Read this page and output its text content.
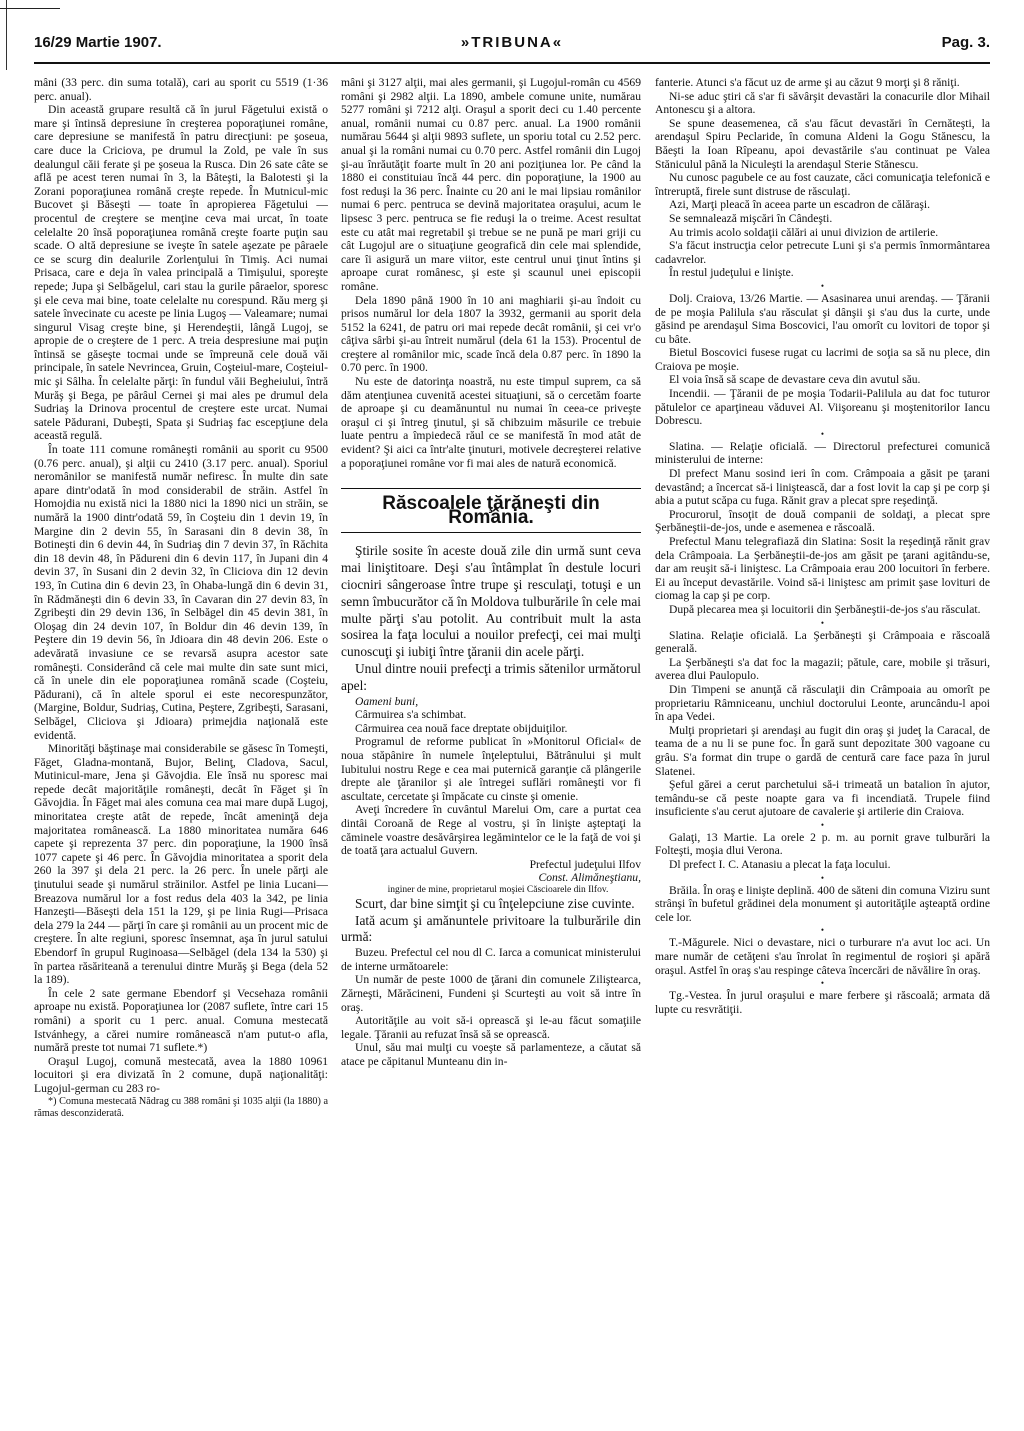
16/29 Martie 1907.	»TRIBUNA«	Pag. 3.

mâni (33 perc. din suma totală), cari au sporit cu 5519 (1·36 perc. anual).

Din această grupare resultă că în jurul Făgetului există o mare şi întinsă depresiune în creşterea poporaţiunei române, care depresiune se manifestă în patru direcţiuni: pe şoseua, care duce la Criciova, pe drumul la Zold, pe vale în sus dealungul căii ferate şi pe şoseua la Rusca. Din 26 sate câte se află pe acest teren numai în 3, la Bâteşti, la Balotesti şi la Zorani poporaţiunea română creşte repede. În Mutnicul-mic Bucovet şi Băseşti — toate în apropierea Făgetului — procentul de creştere se menţine ceva mai urcat, în toate celelalte 20 însă poporaţiunea română creşte foarte puţin sau scade. O altă depresiune se iveşte în satele aşezate pe pâraele ce se scurg din dealurile Zorlenţului în Timiş. Aci numai Prisaca, care e deja în valea principală a Timişului, sporeşte repede; Jupa şi Selbăgelul, cari stau la gurile pâraelor, sporesc şi ele ceva mai bine, toate celelalte nu corespund. Rău merg şi satele învecinate cu aceste pe linia Lugoş — Valeamare; numai singurul Visag creşte bine, şi Herendeştii, lângă Lugoj, se apropie de o creştere de 1 perc. A treia despresiune mai puţin întinsă se găseşte tocmai unde se împreună cele două văi principale, în satele Nevrincea, Gruin, Coşteiul-mare, Coşteiul-mic şi Sâlha. În celelalte părţi: în fundul văii Begheiului, întră Murăş şi Bega, pe pârâul Cernei şi mai ales pe drumul dela Sudriaş la Drinova procentul de creştere este urcat. Numai satele Pădurani, Dubeşti, Spata şi Sudriaş fac escepţiune dela această regulă.

În toate 111 comune româneşti românii au sporit cu 9500 (0.76 perc. anual), şi alţii cu 2410 (3.17 perc. anual). Sporiul neromânilor se manifestă număr nefiresc. În multe din sate apare dintr'odată în mod considerabil de străin. Astfel în Homojdia nu există nici la 1880 nici la 1890 nici un străin, se numără la 1900 dintr'odată 59, în Coşteiu din 1 devin 19, în Margine din 2 devin 55, în Sarasani din 8 devin 38, în Botineşti din 6 devin 44, în Sudriaş din 7 devin 37, în Răchita din 18 devin 48, în Pădureni din 6 devin 117, în Jupani din 4 devin 37, în Susani din 2 devin 32, în Cliciova din 12 devin 193, în Cutina din 6 devin 23, în Ohaba-lungă din 6 devin 31, în Rădmăneşti din 6 devin 33, în Cavaran din 27 devin 83, în Zgribeşti din 29 devin 136, în Selbăgel din 45 devin 381, în Oloşag din 24 devin 107, în Boldur din 46 devin 139, în Peştere din 19 devin 56, în Jdioara din 48 devin 206. Este o adevărată invasiune ce se revarsă asupra acestor sate româneşti. Considerând că cele mai multe din sate sunt mici, că în unele din ele poporaţiunea română scade (Coşteiu, Pădurani), că în altele sporul ei este necorespunzător, (Margine, Boldur, Sudriaş, Cutina, Peştere, Zgribeşti, Sarasani, Selbăgel, Cliciova şi Jdioara) primejdia naţională este evidentă.

Minorităţi băştinaşe mai considerabile se găsesc în Tomeşti, Făget, Gladna-montană, Bujor, Belinţ, Cladova, Sacul, Mutinicul-mare, Jena şi Găvojdia. Ele însă nu sporesc mai repede decât majorităţile româneşti, decât în Făget şi în Găvojdia. În Făget mai ales comuna cea mai mare după Lugoj, minoritatea creşte atât de repede, încât ameninţă deja majoritatea românească. La 1880 minoritatea număra 646 capete şi reprezenta 37 perc. din poporaţiune, la 1900 însă 1077 capete şi 46 perc. În Găvojdia minoritatea a sporit dela 260 la 397 şi dela 21 perc. la 26 perc. În unele părţi ale ţinutului seade şi numărul străinilor. Astfel pe linia Lucani—Breazova numărul lor a fost redus dela 403 la 342, pe linia Hanzeşti—Băseşti dela 151 la 129, şi pe linia Rugi—Prisaca dela 279 la 244 — părţi în care şi românii au un procent mic de creştere. În alte regiuni, sporesc însemnat, aşa în jurul satului Ebendorf în grupul Ruginoasa—Selbăgel (dela 134 la 530) şi în partea răsăriteană a terenului dintre Murăş şi Bega (dela 52 la 189).

În cele 2 sate germane Ebendorf şi Vecsehaza românii aproape nu există. Poporaţiunea lor (2087 suflete, între cari 15 români) a sporit cu 1 perc. anual. Comuna mestecată Istvánhegy, a cărei numire românească n'am putut-o afla, numără preste tot numai 71 suflete.*)

Oraşul Lugoj, comună mestecată, avea la 1880 10961 locuitori şi era divizată în 2 comune, după naţionalităţi: Lugojul-german cu 283 ro-

*) Comuna mestecată Nădrag cu 388 români şi 1035 alţii (la 1880) a rămas desconzideratâ.

mâni şi 3127 alţii, mai ales germanii, şi Lugojul-român cu 4569 români şi 2982 alţii. La 1890, ambele comune unite, numărau 5277 români şi 7212 alţi. Oraşul a sporit deci cu 1.40 percente anual, românii numai cu 0.87 perc. anual. La 1900 românii numărau 5644 şi alţii 9893 suflete, un sporiu total cu 2.52 perc. anual şi la români numai cu 0.70 perc. Astfel românii din Lugoj şi-au înrăutăţit foarte mult în 20 ani poziţiunea lor. Pe când la 1880 ei constituiau încă 44 perc. din poporaţiune, la 1900 au fost reduşi la 36 perc. Înainte cu 20 ani le mai lipsiau românilor numai 6 perc. pentruca se devină majoritatea oraşului, acum le lipsesc 3 perc. pentruca se fie reduşi la o treime. Acest resultat este cu atât mai regretabil şi trebue se ne pună pe mari griji cu cât Lugojul are o situaţiune geografică din cele mai splendide, care îi asigură un mare viitor, este centrul unui ţinut întins şi aproape curat românesc, şi este şi scaunul unei episcopii române.

Dela 1890 până 1900 în 10 ani maghiarii şi-au îndoit cu prisos numărul lor dela 1807 la 3932, germanii au sporit dela 5152 la 6241, de patru ori mai repede decât românii, şi cei vr'o câţiva sârbi şi-au întreit numărul (dela 61 la 153). Procentul de creştere al românilor mic, scade încă dela 0.87 perc. în 1890 la 0.70 perc. în 1900.

Nu este de datorinţa noastră, nu este timpul suprem, ca să dăm atenţiunea cuvenită acestei situaţiuni, să o cercetăm foarte de aproape şi cu deamănuntul nu numai în ceea-ce priveşte oraşul ci şi întreg ţinutul, şi să chibzuim măsurile ce trebuie luate pentru a împiedecă răul ce se manifestă în mod atât de evident? Şi aici ca într'alte ţinuturi, motivele decreşterei relative a poporaţiunei române vor fi mai ales de natură economică.

Răscoalele ţărăneşti din România.

Ştirile sosite în aceste două zile din urmă sunt ceva mai liniştitoare. Deşi s'au întâmplat în destule locuri ciocniri sângeroase între trupe şi resculaţi, totuşi e un semn îmbucurător că în Moldova tulburările în cele mai multe părţi s'au potolit. Au contribuit mult la asta sosirea la faţa locului a nouilor prefecţi, cei mai mulţi cunoscuţi şi iubiţi între ţăranii din acele părţi.

Unul dintre nouii prefecţi a trimis sătenilor următorul apel:

Oameni buni,

Cârmuirea s'a schimbat.

Cârmuirea cea nouă face dreptate obijduiţilor.

Programul de reforme publicat în »Monitorul Oficial« de noua stăpânire în numele înţeleptului, Bătrânului şi mult Iubitului nostru Rege e cea mai puternică garanţie că plângerile drepte ale ţăranilor şi ale întregei suflări româneşti vor fi ascultate, cercetate şi împăcate cu cinste şi omenie.

Aveţi încredere în cuvântul Marelui Om, care a purtat cea dintâi Coroană de Rege al vostru, şi în linişte aşteptaţi la căminele voastre desăvârşirea legămintelor ce le la faţă de voi şi de toată ţara actualul Guvern.

Prefectul judeţului Ilfov

Const. Alimăneştianu,

inginer de mine, proprietarul moşiei Căscioarele din Ilfov.

Scurt, dar bine simţit şi cu înţelepciune zise cuvinte.

Iată acum şi amănuntele privitoare la tulburările din urmă:

Buzeu. Prefectul cel nou dl C. Iarca a comunicat ministerului de interne următoarele:

Un număr de peste 1000 de ţărani din comunele Ziliştearca, Zărneşti, Mărăcineni, Fundeni şi Scurteşti au voit să intre în oraş.

Autorităţile au voit să-i oprească şi le-au făcut somaţiile legale. Ţăranii au refuzat însă să se oprească.

Unul, său mai mulţi cu voeşte să parlamenteze, a căutat să atace pe căpitanul Munteanu din in-

fanterie. Atunci s'a făcut uz de arme şi au căzut 9 morţi şi 8 răniţi.

Ni-se aduc ştiri că s'ar fi săvârşit devastări la conacurile dlor Mihail Antonescu şi a altora.

Se spune deasemenea, că s'au făcut devastări în Cernăteşti, la arendaşul Spiru Peclaride, în comuna Aldeni la Gogu Stănescu, la Băeşti la Ioan Rîpeanu, apoi devastările s'au continuat pe Valea Stăniculul până la Niculeşti la arendaşul Sterie Stănescu.

Nu cunosc pagubele ce au fost cauzate, căci comunicaţia telefonică e întreruptă, firele sunt distruse de răsculaţi.

Azi, Marţi pleacă în aceea parte un escadron de călăraşi.

Se semnalează mişcări în Cândeşti.

Au trimis acolo soldaţii călări ai unui divizion de artilerie.

S'a făcut instrucţia celor petrecute Luni şi s'a permis înmormântarea cadavrelor.

În restul judeţului e linişte.

•

Dolj. Craiova, 13/26 Martie. — Asasinarea unui arendaş. — Ţăranii de pe moşia Palilula s'au răsculat şi dânşii şi s'au dus la curte, unde găsind pe arendaşul Sima Boscovici, l'au omorît cu lovitori de topor şi cu bâte.

Bietul Boscovici fusese rugat cu lacrimi de soţia sa să nu plece, din Craiova pe moşie.

El voia însă să scape de devastare ceva din avutul său.

Incendii. — Ţăranii de pe moşia Todarii-Palilula au dat foc tuturor pătulelor ce aparţineau văduvei Al. Viişoreanu şi moştenitorilor Iancu Dobrescu.

•

Slatina. — Relaţie oficială. — Directorul prefecturei comunică ministerului de interne:

Dl prefect Manu sosind ieri în com. Crâmpoaia a găsit pe ţarani devastând; a încercat să-i liniştească, dar a fost lovit la cap şi pe corp şi abia a putut scăpa cu fuga. Rănit grav a plecat spre reşedinţă.

Procurorul, însoţit de două companii de soldaţi, a plecat spre Şerbăneştii-de-jos, unde e asemenea e răscoală.

Prefectul Manu telegrafiază din Slatina: Sosit la reşedinţă rănit grav dela Crâmpoaia. La Şerbăneştii-de-jos am găsit pe ţarani agitându-se, dar am reuşit să-i liniştesc. La Crâmpoaia erau 200 locuitori în ferbere. Ei au început devastările. Voind să-i liniştesc am primit şase lovituri de ciomag la cap şi pe corp.

După plecarea mea şi locuitorii din Şerbăneştii-de-jos s'au răsculat.

•

Slatina. Relaţie oficială. La Şerbăneşti şi Crâmpoaia e răscoală generală.

La Şerbăneşti s'a dat foc la magazii; pătule, care, mobile şi trăsuri, averea dlui Paulopulo.

Din Timpeni se anunţă că răsculaţii din Crâmpoaia au omorît pe proprietariu Râmniceanu, unchiul doctorului Leonte, aruncându-l apoi în apa Vedei.

Mulţi proprietari şi arendaşi au fugit din oraş şi judeţ la Caracal, de teama de a nu li se pune foc. În gară sunt depozitate 300 vagoane cu grâu. S'a format din trupe o gardă de centură care face paza în jurul Slatenei.

Şeful gărei a cerut parchetului să-i trimeată un batalion în ajutor, temându-se că peste noapte gara va fi incendiată. Trupele fiind insuficiente s'au cerut ajutoare de cavalerie şi artilerie din Craiova.

•

Galaţi, 13 Martie. La orele 2 p. m. au pornit grave tulburări la Folteşti, moşia dlui Verona.

Dl prefect I. C. Atanasiu a plecat la faţa locului.

•

Brăila. În oraş e linişte deplină. 400 de săteni din comuna Viziru sunt strânşi în bufetul grădinei dela monument şi autorităţile aşteaptă ordine cele lor.

•

T.-Măgurele. Nici o devastare, nici o turburare n'a avut loc aci. Un mare număr de cetăţeni s'au înrolat în regimentul de roşiori şi apără oraşul. Astfel în oraş s'au respinge câteva încercări de năvălire în oraş.

•

Tg.-Vestea. În jurul oraşului e mare ferbere şi răscoală; armata dă lupte cu resvrătiţii.
